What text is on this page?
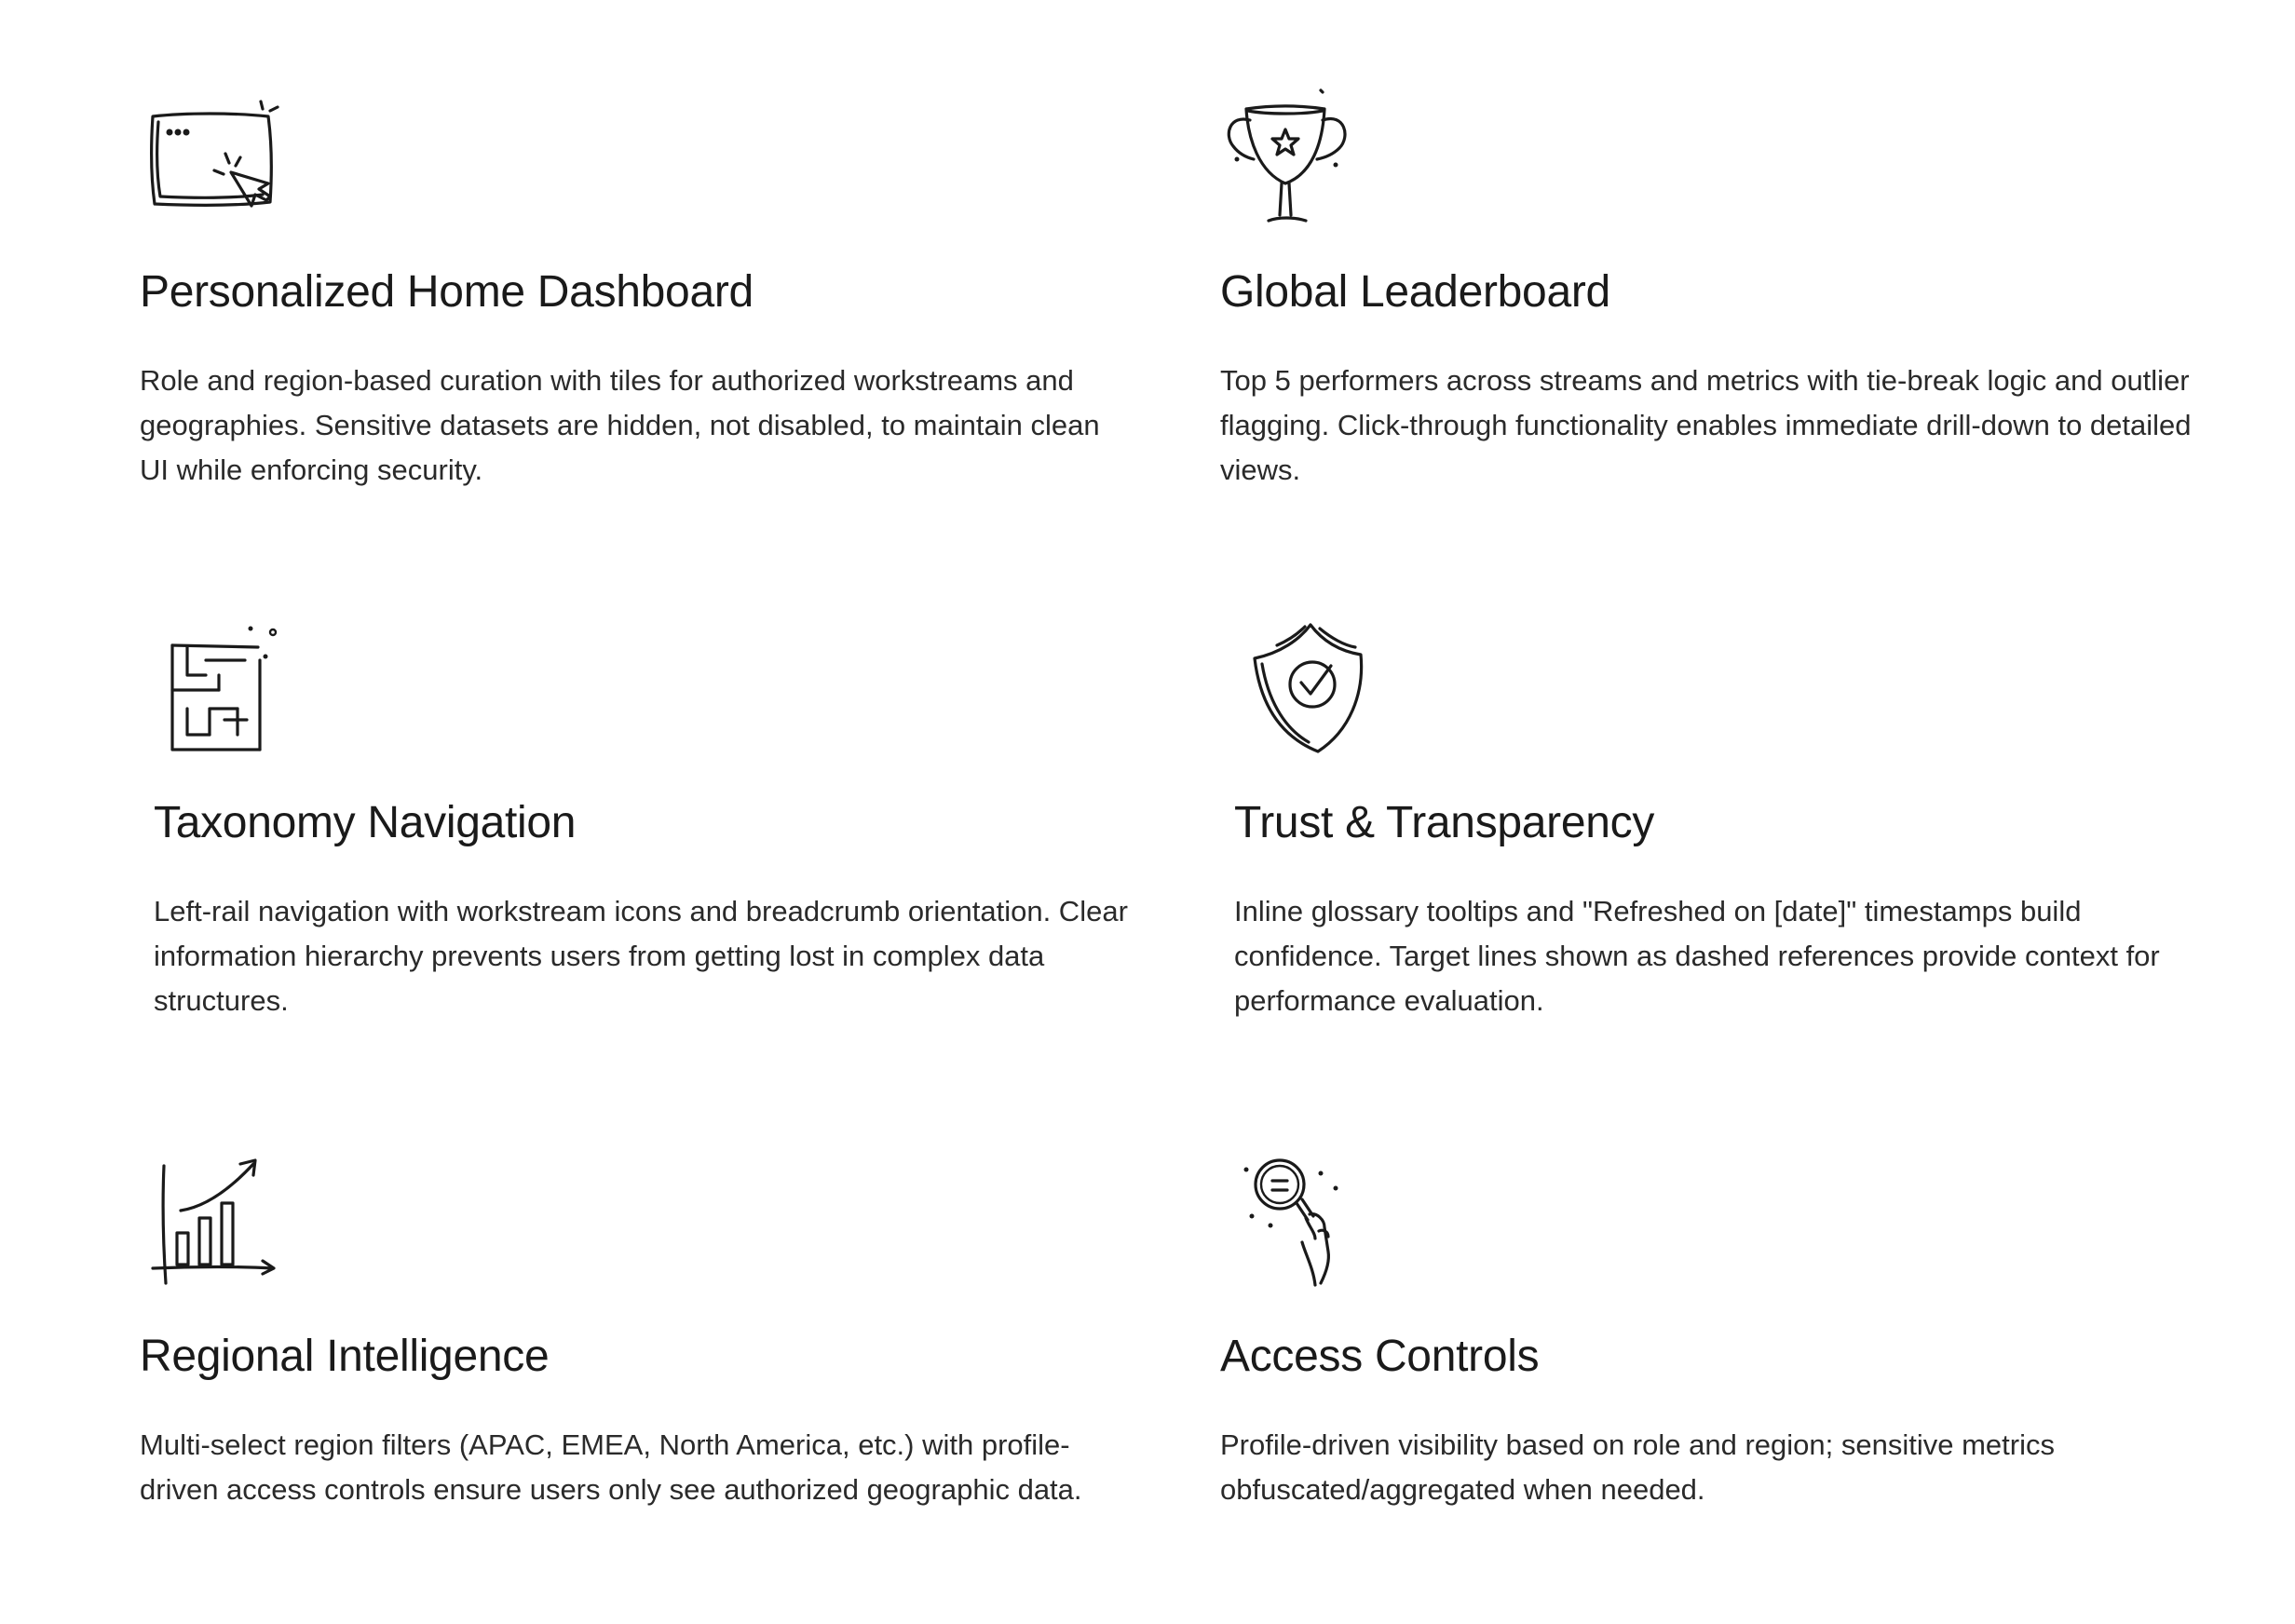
Personalized Home Dashboard
Role and region-based curation with tiles for authorized workstreams and geographies. Sensitive datasets are hidden, not disabled, to maintain clean UI while enforcing security.
Global Leaderboard
Top 5 performers across streams and metrics with tie-break logic and outlier flagging. Click-through functionality enables immediate drill-down to detailed views.
Taxonomy Navigation
Left-rail navigation with workstream icons and breadcrumb orientation. Clear information hierarchy prevents users from getting lost in complex data structures.
Trust & Transparency
Inline glossary tooltips and "Refreshed on [date]" timestamps build confidence. Target lines shown as dashed references provide context for performance evaluation.
Regional Intelligence
Multi-select region filters (APAC, EMEA, North America, etc.) with profile-driven access controls ensure users only see authorized geographic data.
Access Controls
Profile-driven visibility based on role and region; sensitive metrics obfuscated/aggregated when needed.
